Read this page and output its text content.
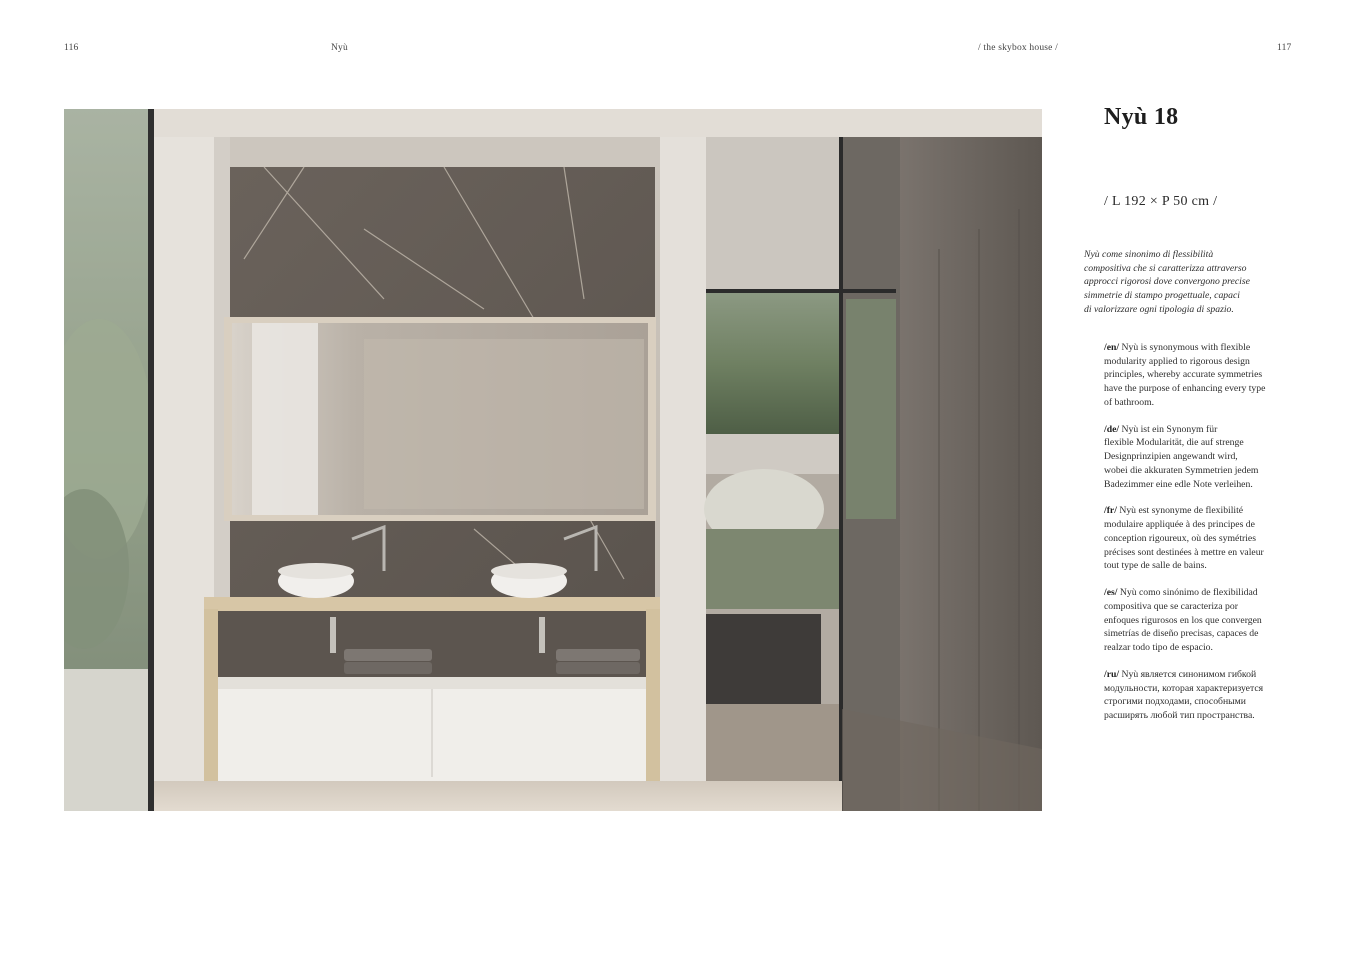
116	Nyù	/ the skybox house /	117
Nyù 18
/ L 192 × P 50 cm /
Nyù come sinonimo di flessibilità
compositiva che si caratterizza attraverso
approcci rigorosi dove convergono precise
simmetrie di stampo progettuale, capaci
di valorizzare ogni tipologia di spazio.
/en/ Nyù is synonymous with flexible
modularity applied to rigorous design
principles, whereby accurate symmetries
have the purpose of enhancing every type
of bathroom.
/de/ Nyù ist ein Synonym für
flexible Modularität, die auf strenge
Designprinzipien angewandt wird,
wobei die akkuraten Symmetrien jedem
Badezimmer eine edle Note verleihen.
/fr/ Nyù est synonyme de flexibilité
modulaire appliquée à des principes de
conception rigoureux, où des symétries
précises sont destinées à mettre en valeur
tout type de salle de bains.
/es/ Nyù como sinónimo de flexibilidad
compositiva que se caracteriza por
enfoques rigurosos en los que convergen
simetrías de diseño precisas, capaces de
realzar todo tipo de espacio.
/ru/ Nyù является синонимом гибкой
модульности, которая характеризуется
строгими подходами, способными
расширять любой тип пространства.
